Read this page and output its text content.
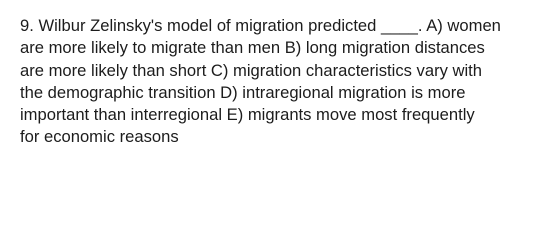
9. Wilbur Zelinsky's model of migration predicted ____. A) women
are more likely to migrate than men B) long migration distances
are more likely than short C) migration characteristics vary with
the demographic transition D) intraregional migration is more
important than interregional E) migrants move most frequently
for economic reasons
